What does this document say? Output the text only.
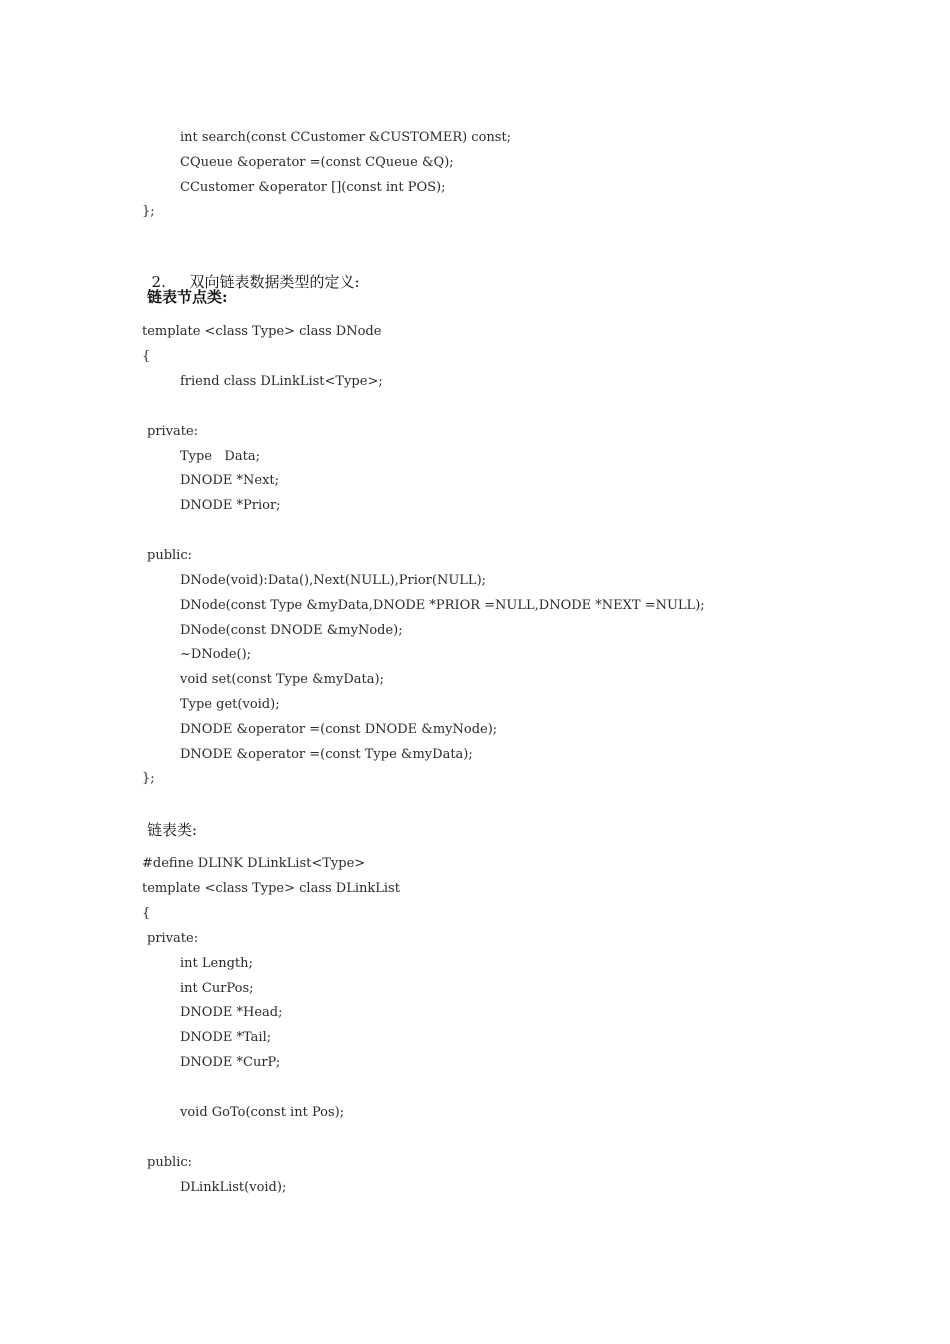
int search(const CCustomer &CUSTOMER) const;
CQueue &operator =(const CQueue &Q);
CCustomer &operator [](const int POS);
};

2. 双向链表数据类型的定义:

链表节点类:
template <class Type> class DNode
{
friend class DLinkList<Type>;
private:
Type   Data;
DNODE *Next;
DNODE *Prior;
public:
DNode(void):Data(),Next(NULL),Prior(NULL);
DNode(const Type &myData,DNODE *PRIOR =NULL,DNODE *NEXT =NULL);
DNode(const DNODE &myNode);
~DNode();
void set(const Type &myData);
Type get(void);
DNODE &operator =(const DNODE &myNode);
DNODE &operator =(const Type &myData);
};
链表类:
#define DLINK DLinkList<Type>
template <class Type> class DLinkList
{
private:
int Length;
int CurPos;
DNODE *Head;
DNODE *Tail;
DNODE *CurP;
void GoTo(const int Pos);
public:
DLinkList(void);
